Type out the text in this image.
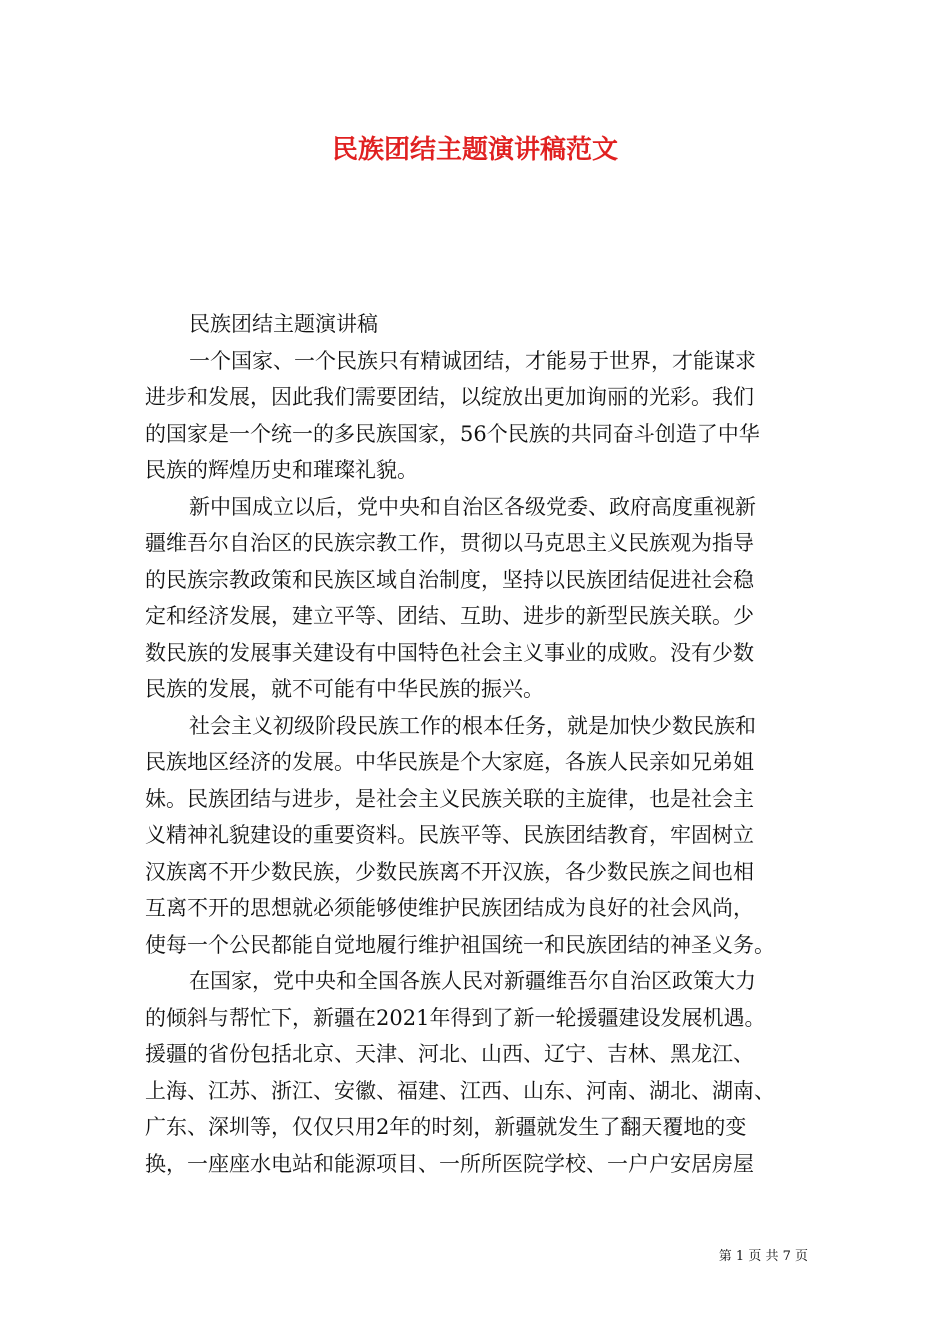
民族团结主题演讲稿范文

民族团结主题演讲稿

一个国家、一个民族只有精诚团结，才能易于世界，才能谋求
进步和发展，因此我们需要团结，以绽放出更加询丽的光彩。我们
的国家是一个统一的多民族国家，56个民族的共同奋斗创造了中华
民族的辉煌历史和璀璨礼貌。

新中国成立以后，党中央和自治区各级党委、政府高度重视新
疆维吾尔自治区的民族宗教工作，贯彻以马克思主义民族观为指导
的民族宗教政策和民族区域自治制度，坚持以民族团结促进社会稳
定和经济发展，建立平等、团结、互助、进步的新型民族关联。少
数民族的发展事关建设有中国特色社会主义事业的成败。没有少数
民族的发展，就不可能有中华民族的振兴。

社会主义初级阶段民族工作的根本任务，就是加快少数民族和
民族地区经济的发展。中华民族是个大家庭，各族人民亲如兄弟姐
妹。民族团结与进步，是社会主义民族关联的主旋律，也是社会主
义精神礼貌建设的重要资料。民族平等、民族团结教育，牢固树立
汉族离不开少数民族，少数民族离不开汉族，各少数民族之间也相
互离不开的思想就必须能够使维护民族团结成为良好的社会风尚，
使每一个公民都能自觉地履行维护祖国统一和民族团结的神圣义务。

在国家，党中央和全国各族人民对新疆维吾尔自治区政策大力
的倾斜与帮忙下，新疆在2021年得到了新一轮援疆建设发展机遇。
援疆的省份包括北京、天津、河北、山西、辽宁、吉林、黑龙江、
上海、江苏、浙江、安徽、福建、江西、山东、河南、湖北、湖南、
广东、深圳等，仅仅只用2年的时刻，新疆就发生了翻天覆地的变
换，一座座水电站和能源项目、一所所医院学校、一户户安居房屋

第 1 页 共 7 页
